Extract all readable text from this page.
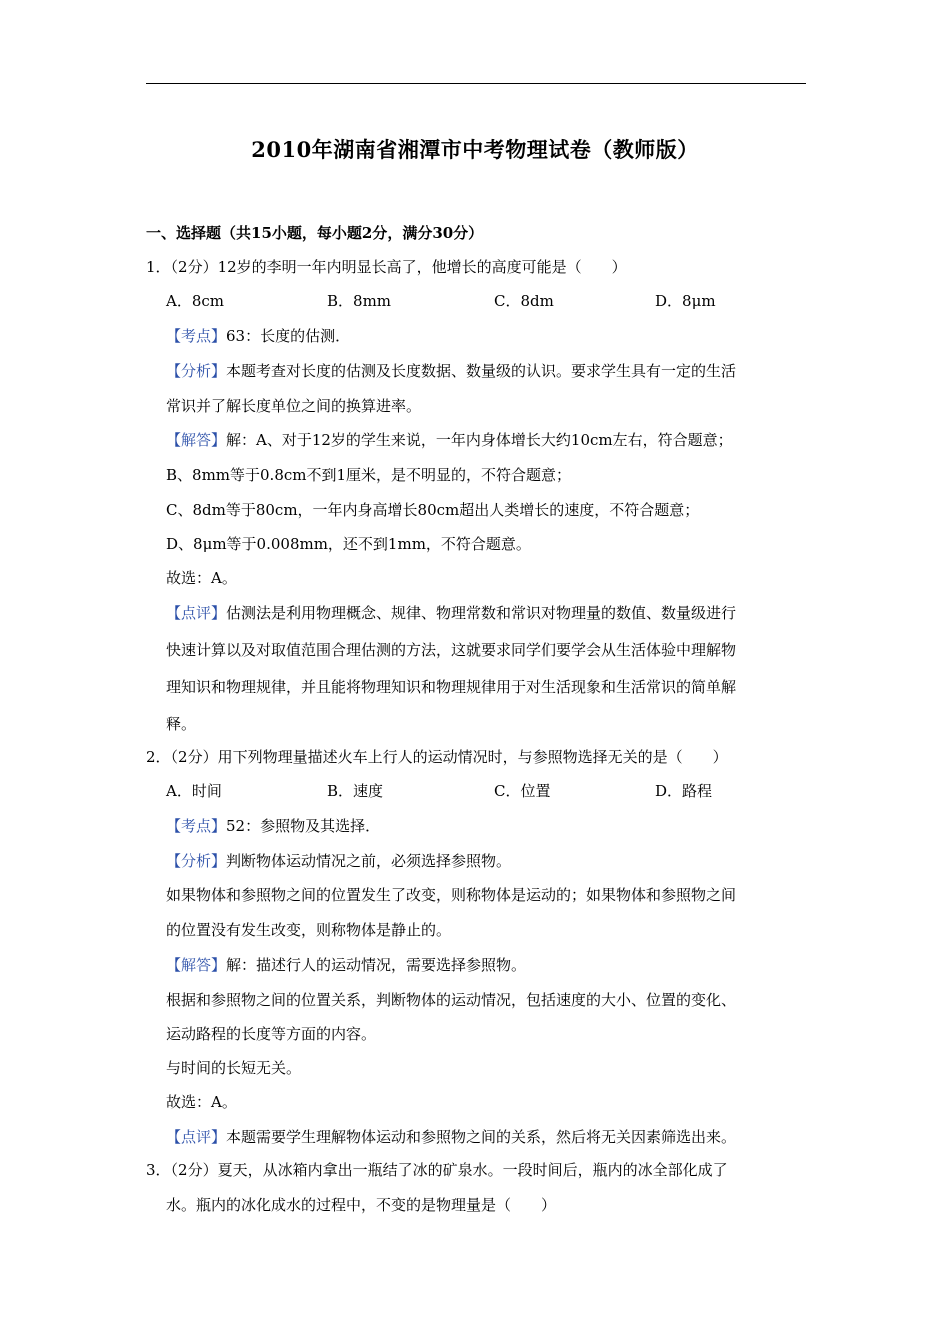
2010年湖南省湘潭市中考物理试卷（教师版）
一、选择题（共15小题，每小题2分，满分30分）
1．（2分）12岁的李明一年内明显长高了，他增长的高度可能是（　　）
A．8cm	B．8mm	C．8dm	D．8μm
【考点】63：长度的估测．
【分析】本题考查对长度的估测及长度数据、数量级的认识。要求学生具有一定的生活
常识并了解长度单位之间的换算进率。
【解答】解：A、对于12岁的学生来说，一年内身体增长大约10cm左右，符合题意；
B、8mm等于0.8cm不到1厘米，是不明显的，不符合题意；
C、8dm等于80cm，一年内身高增长80cm超出人类增长的速度，不符合题意；
D、8μm等于0.008mm，还不到1mm，不符合题意。
故选：A。
【点评】估测法是利用物理概念、规律、物理常数和常识对物理量的数值、数量级进行
快速计算以及对取值范围合理估测的方法，这就要求同学们要学会从生活体验中理解物
理知识和物理规律，并且能将物理知识和物理规律用于对生活现象和生活常识的简单解
释。
2．（2分）用下列物理量描述火车上行人的运动情况时，与参照物选择无关的是（　　）
A．时间	B．速度	C．位置	D．路程
【考点】52：参照物及其选择．
【分析】判断物体运动情况之前，必须选择参照物。
如果物体和参照物之间的位置发生了改变，则称物体是运动的；如果物体和参照物之间
的位置没有发生改变，则称物体是静止的。
【解答】解：描述行人的运动情况，需要选择参照物。
根据和参照物之间的位置关系，判断物体的运动情况，包括速度的大小、位置的变化、
运动路程的长度等方面的内容。
与时间的长短无关。
故选：A。
【点评】本题需要学生理解物体运动和参照物之间的关系，然后将无关因素筛选出来。
3．（2分）夏天，从冰箱内拿出一瓶结了冰的矿泉水。一段时间后，瓶内的冰全部化成了
水。瓶内的冰化成水的过程中，不变的是物理量是（　　）
